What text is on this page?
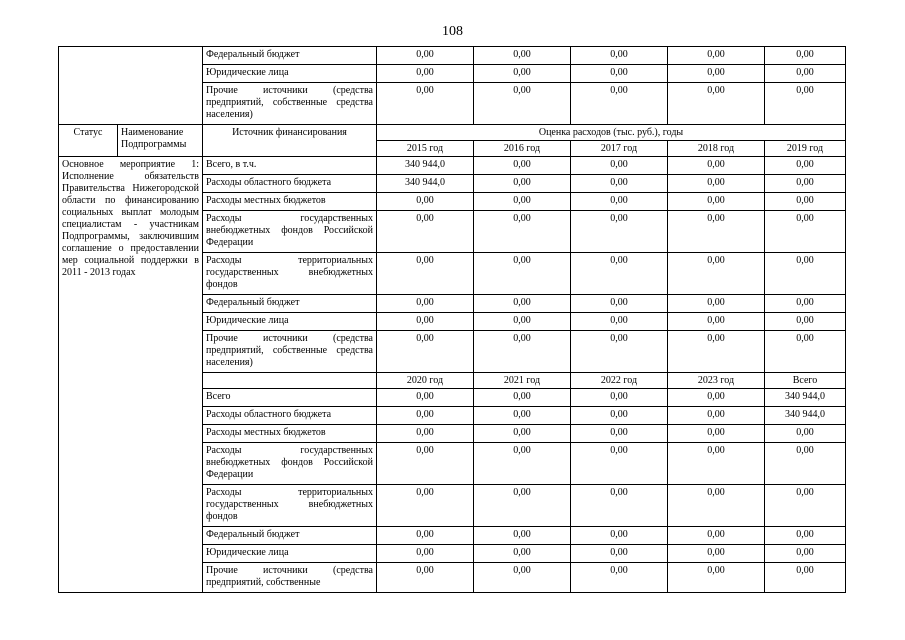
108
		Федеральный бюджет	0,00	0,00	0,00	0,00	0,00
		Юридические лица	0,00	0,00	0,00	0,00	0,00
		Прочие источники (средства предприятий, собственные средства населения)	0,00	0,00	0,00	0,00	0,00
Статус	Наименование Подпрограммы	Источник финансирования	Оценка расходов (тыс. руб.), годы				
			2015 год	2016 год	2017 год	2018 год	2019 год
Основное мероприятие 1: Исполнение обязательств Правительства Нижегородской области по финансированию социальных выплат молодым специалистам - участникам Подпрограммы, заключившим соглашение о предоставлении мер социальной поддержки в 2011 - 2013 годах		Всего, в т.ч.	340 944,0	0,00	0,00	0,00	0,00
		Расходы областного бюджета	340 944,0	0,00	0,00	0,00	0,00
		Расходы местных бюджетов	0,00	0,00	0,00	0,00	0,00
		Расходы государственных внебюджетных фондов Российской Федерации	0,00	0,00	0,00	0,00	0,00
		Расходы территориальных государственных внебюджетных фондов	0,00	0,00	0,00	0,00	0,00
		Федеральный бюджет	0,00	0,00	0,00	0,00	0,00
		Юридические лица	0,00	0,00	0,00	0,00	0,00
		Прочие источники (средства предприятий, собственные средства населения)	0,00	0,00	0,00	0,00	0,00
			2020 год	2021 год	2022 год	2023 год	Всего
		Всего	0,00	0,00	0,00	0,00	340 944,0
		Расходы областного бюджета	0,00	0,00	0,00	0,00	340 944,0
		Расходы местных бюджетов	0,00	0,00	0,00	0,00	0,00
		Расходы государственных внебюджетных фондов Российской Федерации	0,00	0,00	0,00	0,00	0,00
		Расходы территориальных государственных внебюджетных фондов	0,00	0,00	0,00	0,00	0,00
		Федеральный бюджет	0,00	0,00	0,00	0,00	0,00
		Юридические лица	0,00	0,00	0,00	0,00	0,00
		Прочие источники (средства предприятий, собственные	0,00	0,00	0,00	0,00	0,00
